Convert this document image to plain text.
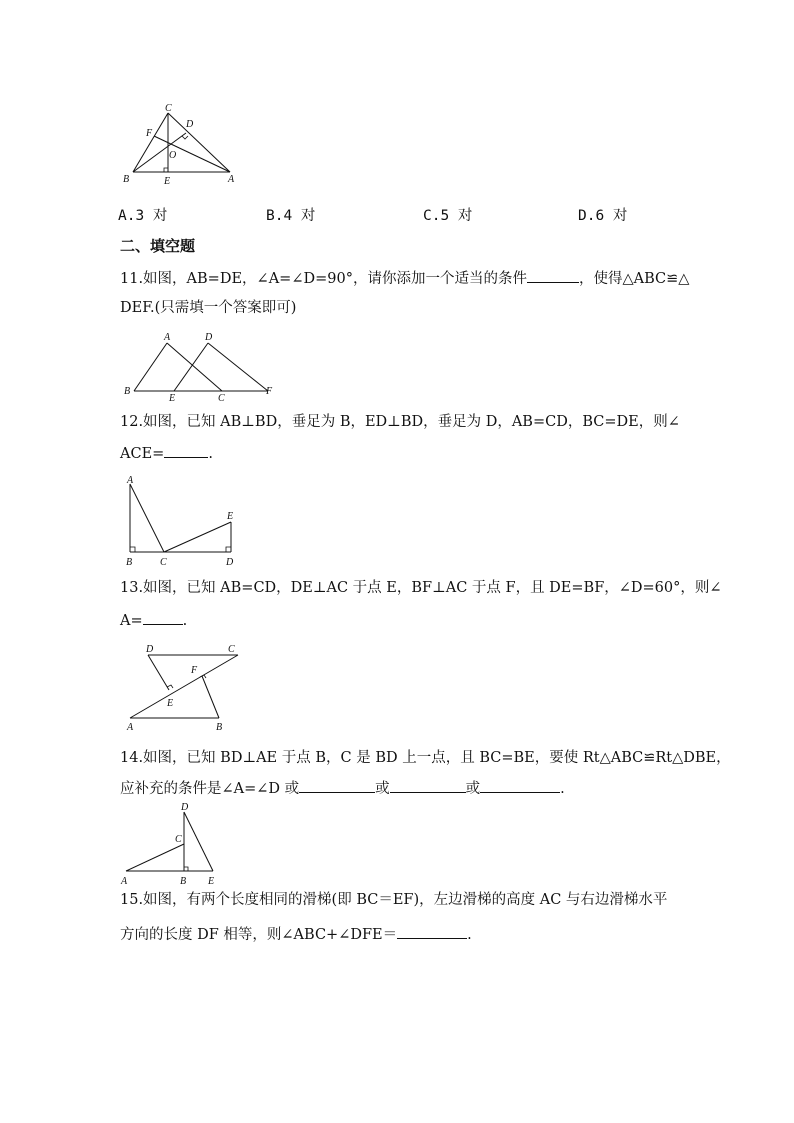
C
D
F
O
B	E	A
A.3 对	B.4 对	C.5 对	D.6 对
二、填空题
11.如图，AB=DE，∠A=∠D=90°，请你添加一个适当的条件	，使得△ABC≌△
DEF.(只需填一个答案即可)
A	D
B
E	C
F
12.如图，已知 AB⊥BD，垂足为 B，ED⊥BD，垂足为 D，AB=CD，BC=DE，则∠
ACE=	.
A
E
B	C	D
13.如图，已知 AB=CD，DE⊥AC 于点 E，BF⊥AC 于点 F，且 DE=BF，∠D=60°，则∠
A=	.
D	C
F
E
A	B
14.如图，已知 BD⊥AE 于点 B，C 是 BD 上一点，且 BC=BE，要使 Rt△ABC≌Rt△DBE，
应补充的条件是∠A=∠D 或	或	或	.
D
C
A	B E
15.如图，有两个长度相同的滑梯(即 BC＝EF)，左边滑梯的高度 AC 与右边滑梯水平
方向的长度 DF 相等，则∠ABC+∠DFE＝	.
